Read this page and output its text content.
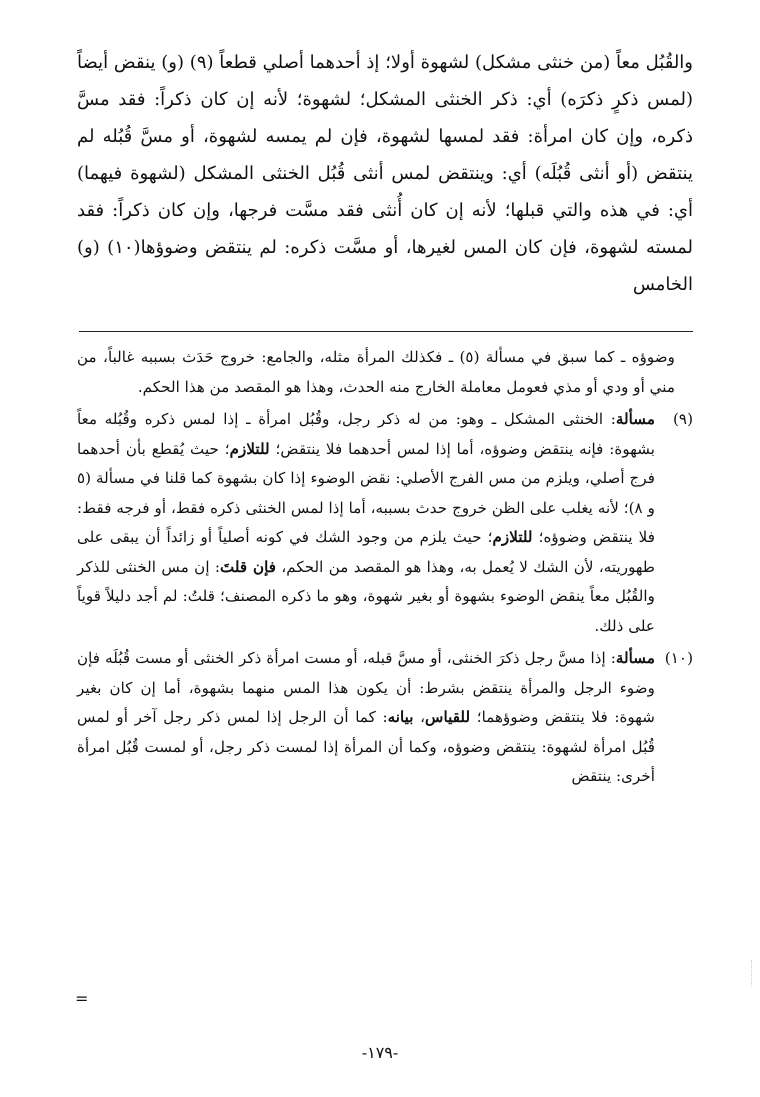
والقُبُل معاً (من خنثى مشكل) لشهوة أولا؛ إذ أحدهما أصلي قطعاً (٩) (و) ينقض أيضاً (لمس ذكرٍ ذكرَه) أي: ذكر الخنثى المشكل؛ لشهوة؛ لأنه إن كان ذكراً: فقد مسَّ ذكره، وإن كان امرأة: فقد لمسها لشهوة، فإن لم يمسه لشهوة، أو مسَّ قُبُله لم ينتقض (أو أنثى قُبُلَه) أي: وينتقض لمس أنثى قُبُل الخنثى المشكل (لشهوة فيهما) أي: في هذه والتي قبلها؛ لأنه إن كان أُنثى فقد مسَّت فرجها، وإن كان ذكراً: فقد لمسته لشهوة، فإن كان المس لغيرها، أو مسَّت ذكره: لم ينتقض وضوؤها(١٠) (و) الخامس

وضوؤه ـ كما سبق في مسألة (٥) ـ فكذلك المرأة مثله، والجامع: خروج حَدَث بسببه غالباً، من مني أو ودي أو مذي فعومل معاملة الخارج منه الحدث، وهذا هو المقصد من هذا الحكم.

(٩)مسألة: الخنثى المشكل ـ وهو: من له ذكر رجل، وقُبُل امرأة ـ إذا لمس ذكره وقُبُله معاً بشهوة: فإنه ينتقض وضوؤه، أما إذا لمس أحدهما فلا ينتقض؛ للتلازم؛ حيث يُقطع بأن أحدهما فرج أصلي، ويلزم من مس الفرج الأصلي: نقض الوضوء إذا كان بشهوة كما قلنا في مسألة (٥ و ٨)؛ لأنه يغلب على الظن خروج حدث بسببه، أما إذا لمس الخنثى ذكره فقط، أو فرجه فقط: فلا ينتقض وضوؤه؛ للتلازم؛ حيث يلزم من وجود الشك في كونه أصلياً أو زائداً أن يبقى على طهوريته، لأن الشك لا يُعمل به، وهذا هو المقصد من الحكم، فإن قلتَ: إن مس الخنثى للذكر والقُبُل معاً ينقض الوضوء بشهوة أو بغير شهوة، وهو ما ذكره المصنف؛ قلتُ: لم أجد دليلاً قوياً على ذلك.

(١٠)مسألة: إذا مسَّ رجل ذكرَ الخنثى، أو مسَّ قبله، أو مست امرأة ذكر الخنثى أو مست قُبُلَه فإن وضوء الرجل والمرأة ينتقض بشرط: أن يكون هذا المس منهما بشهوة، أما إن كان بغير شهوة: فلا ينتقض وضوؤهما؛ للقياس، بيانه: كما أن الرجل إذا لمس ذكر رجل آخر أو لمس قُبُل امرأة لشهوة: ينتقض وضوؤه، وكما أن المرأة إذا لمست ذكر رجل، أو لمست قُبُل امرأة أخرى: ينتقض

=
-١٧٩-
